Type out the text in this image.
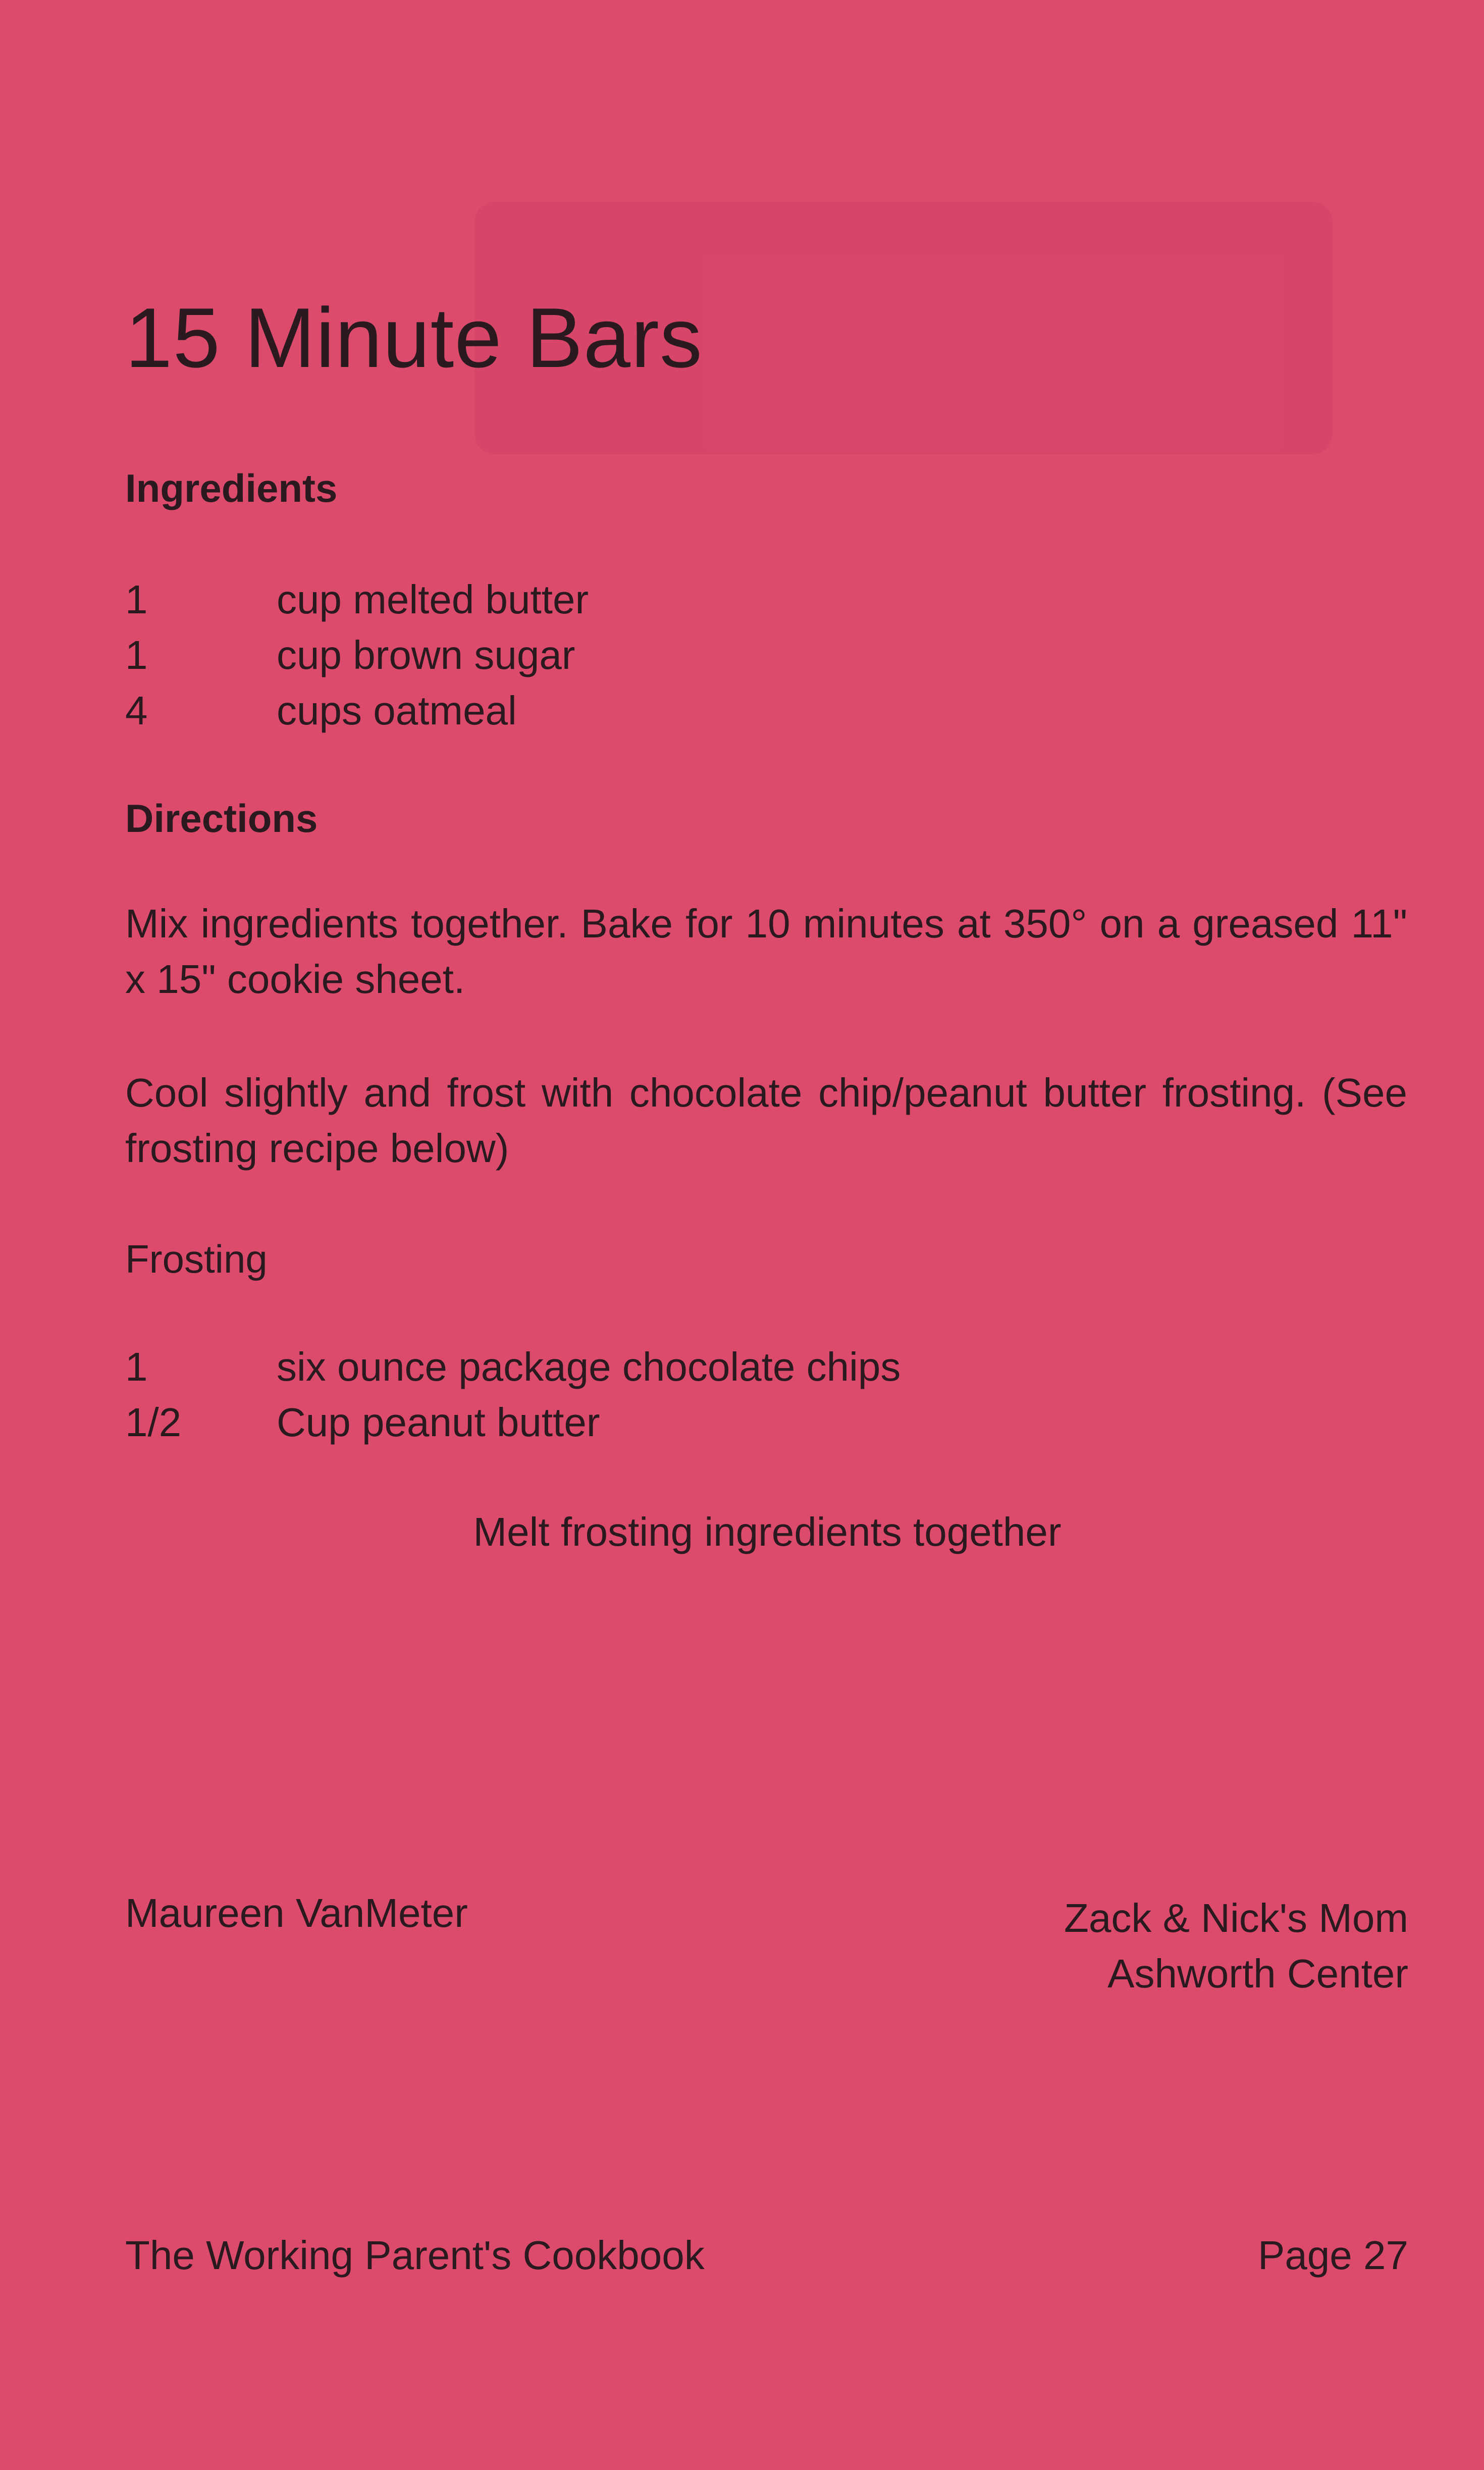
15 Minute Bars
Ingredients
1	cup melted butter
1	cup brown sugar
4	cups oatmeal
Directions

Mix ingredients together. Bake for 10 minutes at 350° on a greased 11" x 15" cookie sheet.

Cool slightly and frost with chocolate chip/peanut butter frosting. (See frosting recipe below)

Frosting
1	six ounce package chocolate chips
1/2	Cup peanut butter
Melt frosting ingredients together
Maureen VanMeter	Zack & Nick's Mom
Ashworth Center
The Working Parent's Cookbook	Page 27
